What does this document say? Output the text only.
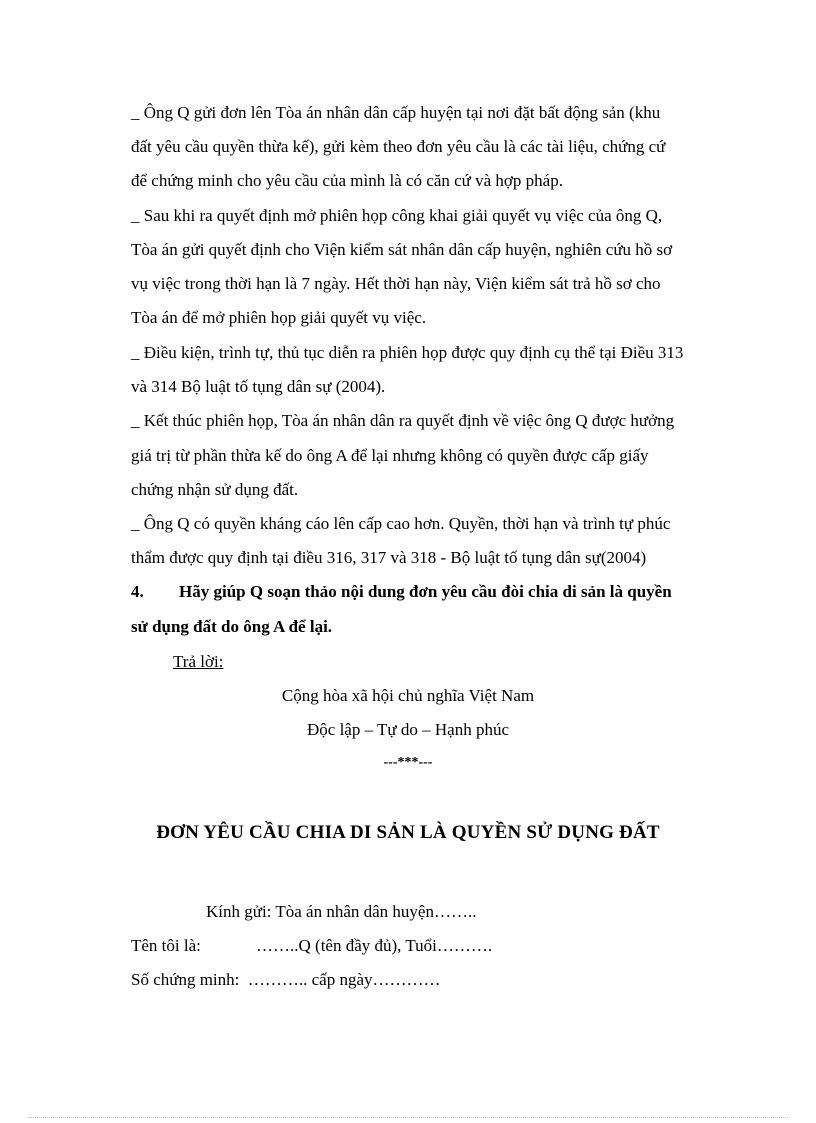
_ Ông Q gửi đơn lên Tòa án nhân dân cấp huyện tại nơi đặt bất động sản (khu
đất yêu cầu quyền thừa kế), gửi kèm theo đơn yêu cầu là các tài liệu, chứng cứ
để chứng minh cho yêu cầu của mình là có căn cứ và hợp pháp.
_ Sau khi ra quyết định mở phiên họp công khai giải quyết vụ việc của ông Q,
Tòa án gửi quyết định cho Viện kiểm sát nhân dân cấp huyện, nghiên cứu hồ sơ
vụ việc trong thời hạn là 7 ngày. Hết thời hạn này, Viện kiểm sát trả hồ sơ cho
Tòa án để mở phiên họp giải quyết vụ việc.
_ Điều kiện, trình tự, thủ tục diễn ra phiên họp được quy định cụ thể tại Điều 313
và 314 Bộ luật tố tụng dân sự (2004).
_ Kết thúc phiên họp, Tòa án nhân dân ra quyết định về việc ông Q được hưởng
giá trị từ phần thừa kế do ông A để lại nhưng không có quyền được cấp giấy
chứng nhận sử dụng đất.
_ Ông Q có quyền kháng cáo lên cấp cao hơn. Quyền, thời hạn và trình tự phúc
thẩm được quy định tại điều 316, 317 và 318 - Bộ luật tố tụng dân sự(2004)
4. Hãy giúp Q soạn thảo nội dung đơn yêu cầu đòi chia di sản là quyền
sử dụng đất do ông A để lại.
Trả lời:
Cộng hòa xã hội chủ nghĩa Việt Nam
Độc lập – Tự do – Hạnh phúc
---***---
ĐƠN YÊU CẦU CHIA DI SẢN LÀ QUYỀN SỬ DỤNG ĐẤT
Kính gửi: Tòa án nhân dân huyện……..
Tên tôi là:	……..Q (tên đầy đủ), Tuổi……….
Số chứng minh: ……….. cấp ngày…………
